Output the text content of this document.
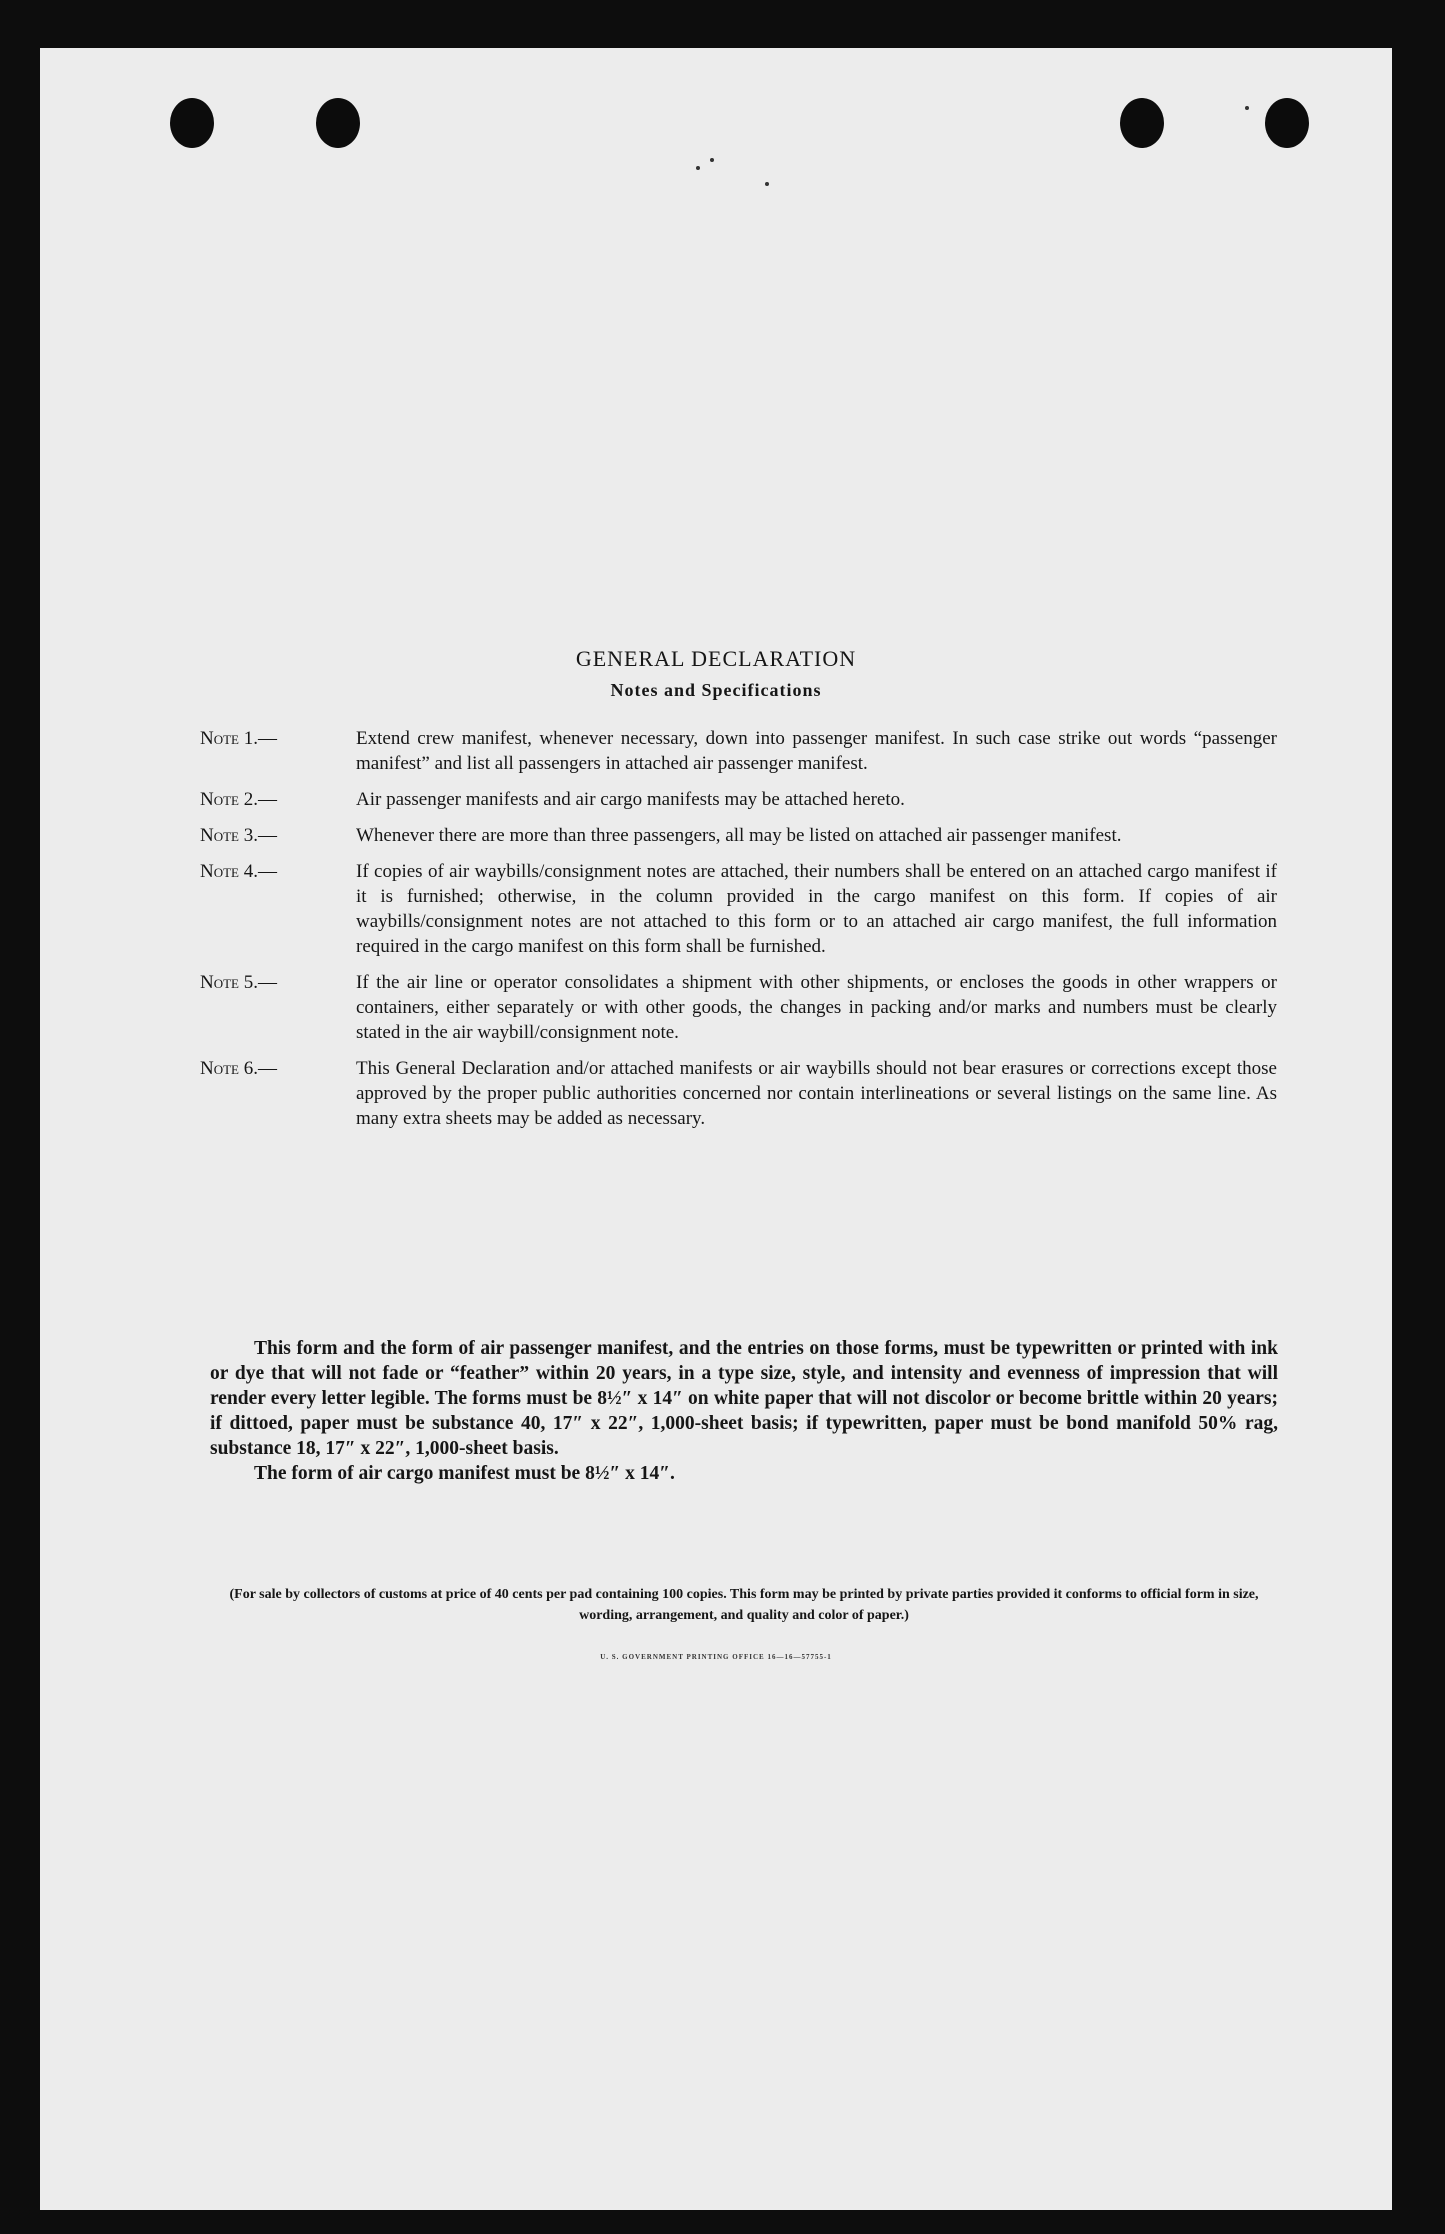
GENERAL DECLARATION
Notes and Specifications
Note 1.—	Extend crew manifest, whenever necessary, down into passenger manifest. In such case strike out words “passenger manifest” and list all passengers in attached air passenger manifest.
Note 2.—	Air passenger manifests and air cargo manifests may be attached hereto.
Note 3.—	Whenever there are more than three passengers, all may be listed on attached air passenger manifest.
Note 4.—	If copies of air waybills/consignment notes are attached, their numbers shall be entered on an attached cargo manifest if it is furnished; otherwise, in the column provided in the cargo manifest on this form. If copies of air waybills/consignment notes are not attached to this form or to an attached air cargo manifest, the full information required in the cargo manifest on this form shall be furnished.
Note 5.—	If the air line or operator consolidates a shipment with other shipments, or encloses the goods in other wrappers or containers, either separately or with other goods, the changes in packing and/or marks and numbers must be clearly stated in the air waybill/consignment note.
Note 6.—	This General Declaration and/or attached manifests or air waybills should not bear erasures or corrections except those approved by the proper public authorities concerned nor contain interlineations or several listings on the same line. As many extra sheets may be added as necessary.

This form and the form of air passenger manifest, and the entries on those forms, must be typewritten or printed with ink or dye that will not fade or “feather” within 20 years, in a type size, style, and intensity and evenness of impression that will render every letter legible. The forms must be 8½″ x 14″ on white paper that will not discolor or become brittle within 20 years; if dittoed, paper must be substance 40, 17″ x 22″, 1,000-sheet basis; if typewritten, paper must be bond manifold 50% rag, substance 18, 17″ x 22″, 1,000-sheet basis.

The form of air cargo manifest must be 8½″ x 14″.

(For sale by collectors of customs at price of 40 cents per pad containing 100 copies. This form may be printed by private parties provided it conforms to official form in size, wording, arrangement, and quality and color of paper.)
U. S. GOVERNMENT PRINTING OFFICE 16—16—57755-1
